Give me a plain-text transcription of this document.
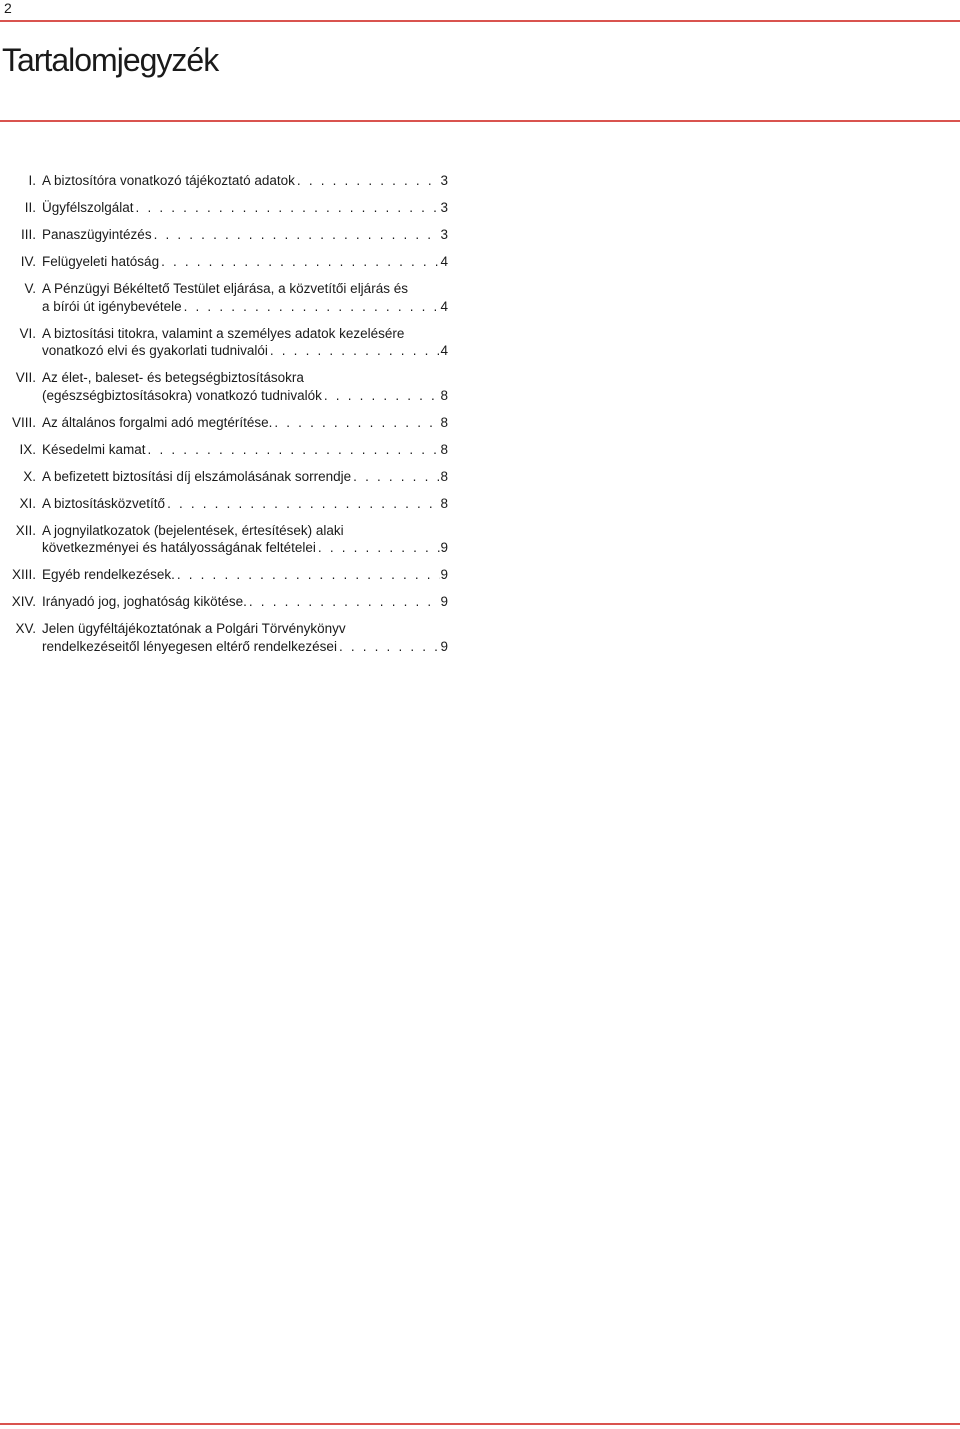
2
Tartalomjegyzék
I. A biztosítóra vonatkozó tájékoztató adatok . . .	3
II. Ügyfélszolgálat . . .	3
III. Panaszügyintézés . . .	3
IV. Felügyeleti hatóság . . .	4
V. A Pénzügyi Békéltető Testület eljárása, a közvetítői eljárás és
a bírói út igénybevétele . . .	4
VI. A biztosítási titokra, valamint a személyes adatok kezelésére
vonatkozó elvi és gyakorlati tudnivalói . . .	4
VII. Az élet-, baleset- és betegségbiztosításokra
(egészségbiztosításokra) vonatkozó tudnivalók . . .	8
VIII. Az általános forgalmi adó megtérítése. . . .	8
IX. Késedelmi kamat . . .	8
X. A befizetett biztosítási díj elszámolásának sorrendje . . .	8
XI. A biztosításközvetítő . . .	8
XII. A jognyilatkozatok (bejelentések, értesítések) alaki
következményei és hatályosságának feltételei . . .	9
XIII. Egyéb rendelkezések. . . .	9
XIV. Irányadó jog, joghatóság kikötése. . . .	9
XV. Jelen ügyféltájékoztatónak a Polgári Törvénykönyv
rendelkezéseitől lényegesen eltérő rendelkezései . . .	9
